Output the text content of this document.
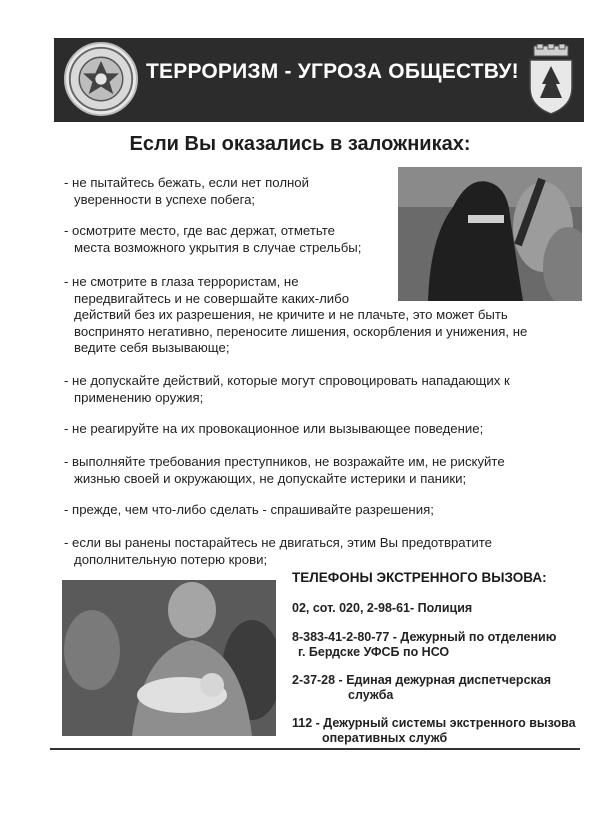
ТЕРРОРИЗМ - УГРОЗА ОБЩЕСТВУ!
Если Вы оказались в заложниках:
- не пытайтесь бежать, если нет полной
уверенности в успехе побега;
- осмотрите место, где вас держат, отметьте
места возможного укрытия в случае стрельбы;
- не смотрите в глаза террористам, не
передвигайтесь и не совершайте каких-либо
действий без их разрешения, не кричите и не плачьте, это может быть
воспринято негативно, переносите лишения, оскорбления и унижения, не
ведите себя вызывающе;
- не допускайте действий, которые могут спровоцировать нападающих к
применению оружия;
- не реагируйте на их провокационное или вызывающее поведение;
- выполняйте требования преступников, не возражайте им, не рискуйте
жизнью своей и окружающих, не допускайте истерики и паники;
- прежде, чем что-либо сделать - спрашивайте разрешения;
- если вы ранены постарайтесь не двигаться, этим Вы предотвратите
дополнительную потерю крови;
ТЕЛЕФОНЫ ЭКСТРЕННОГО ВЫЗОВА:
02, сот. 020, 2-98-61- Полиция
8-383-41-2-80-77 - Дежурный по отделению
г. Бердске УФСБ по НСО
2-37-28 - Единая дежурная диспетчерская
служба
112 - Дежурный системы экстренного вызова
оперативных служб
